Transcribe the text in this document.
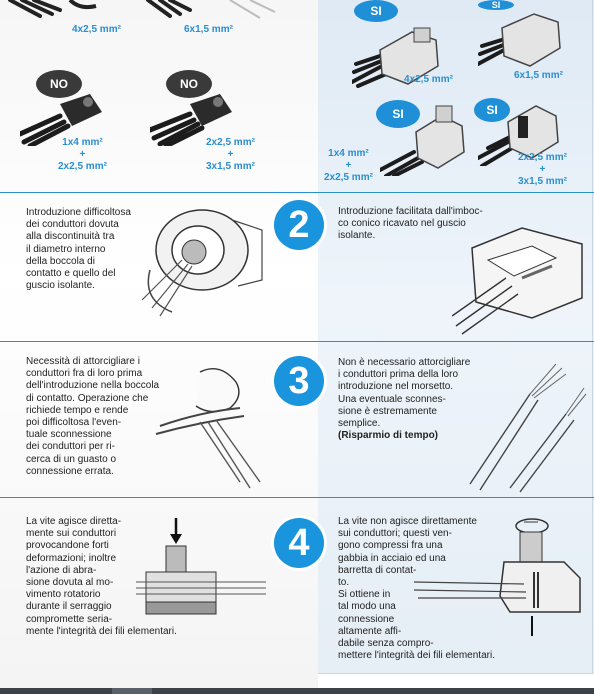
4x2,5 mm²	6x1,5 mm²
NO
1x4 mm²
+
2x2,5 mm²
NO
2x2,5 mm²
+
3x1,5 mm²
SI	SI
4x2,5 mm²	6x1,5 mm²
SI
1x4 mm²
+
2x2,5 mm²
SI
2x2,5 mm²
+
3x1,5 mm²
Introduzione difficoltosa
dei conduttori dovuta
alla discontinuità tra
il diametro interno
della boccola di
contatto e quello del
guscio isolante.
2	Introduzione facilitata dall'imboc-
co conico ricavato nel guscio
isolante.
Necessità di attorcigliare i
conduttori fra di loro prima
dell'introduzione nella boccola
di contatto. Operazione che
richiede tempo e rende
poi difficoltosa l'even-
tuale sconnessione
dei conduttori per ri-
cerca di un guasto o
connessione errata.
3	Non è necessario attorcigliare
i conduttori prima della loro
introduzione nel morsetto.
Una eventuale sconnes-
sione è estremamente
semplice.
(Risparmio di tempo)
La vite agisce diretta-
mente sui conduttori
provocandone forti
deformazioni; inoltre
l'azione di abra-
sione dovuta al mo-
vimento rotatorio
durante il serraggio
compromette seria-
mente l'integrità dei fili elementari.
4
La vite non agisce direttamente
sui conduttori; questi ven-
gono compressi fra una
gabbia in acciaio ed una
barretta di contat-
to.
Si ottiene in
tal modo una
connessione
altamente affi-
dabile senza compro-
mettere l'integrità dei fili elementari.
